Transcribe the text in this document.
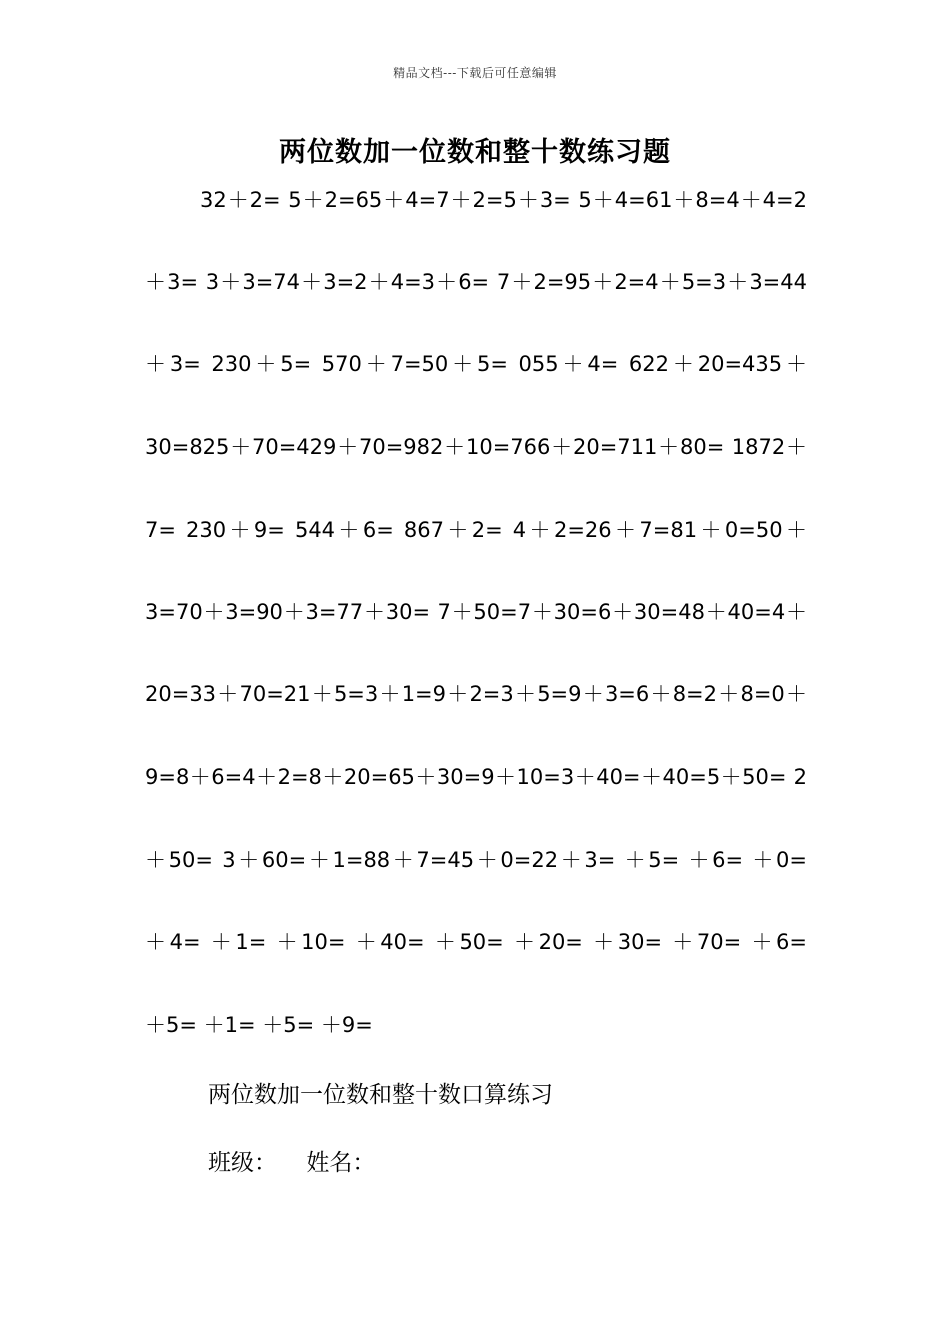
精品文档---下载后可任意编辑
两位数加一位数和整十数练习题
32＋2= 5＋2=65＋4=7＋2=5＋3= 5＋4=61＋8=4＋4=2
＋3= 3＋3=74＋3=2＋4=3＋6= 7＋2=95＋2=4＋5=3＋3=44
＋3= 230＋5= 570＋7=50＋5= 055＋4= 622＋20=435＋
30=825＋70=429＋70=982＋10=766＋20=711＋80= 1872＋
7= 230＋9= 544＋6= 867＋2= 4＋2=26＋7=81＋0=50＋
3=70＋3=90＋3=77＋30= 7＋50=7＋30=6＋30=48＋40=4＋
20=33＋70=21＋5=3＋1=9＋2=3＋5=9＋3=6＋8=2＋8=0＋
9=8＋6=4＋2=8＋20=65＋30=9＋10=3＋40=＋40=5＋50= 2
＋50= 3＋60=＋1=88＋7=45＋0=22＋3= ＋5= ＋6= ＋0=
＋4= ＋1= ＋10= ＋40= ＋50= ＋20= ＋30= ＋70= ＋6=
＋5= ＋1= ＋5= ＋9=
两位数加一位数和整十数口算练习
班级： 姓名：
